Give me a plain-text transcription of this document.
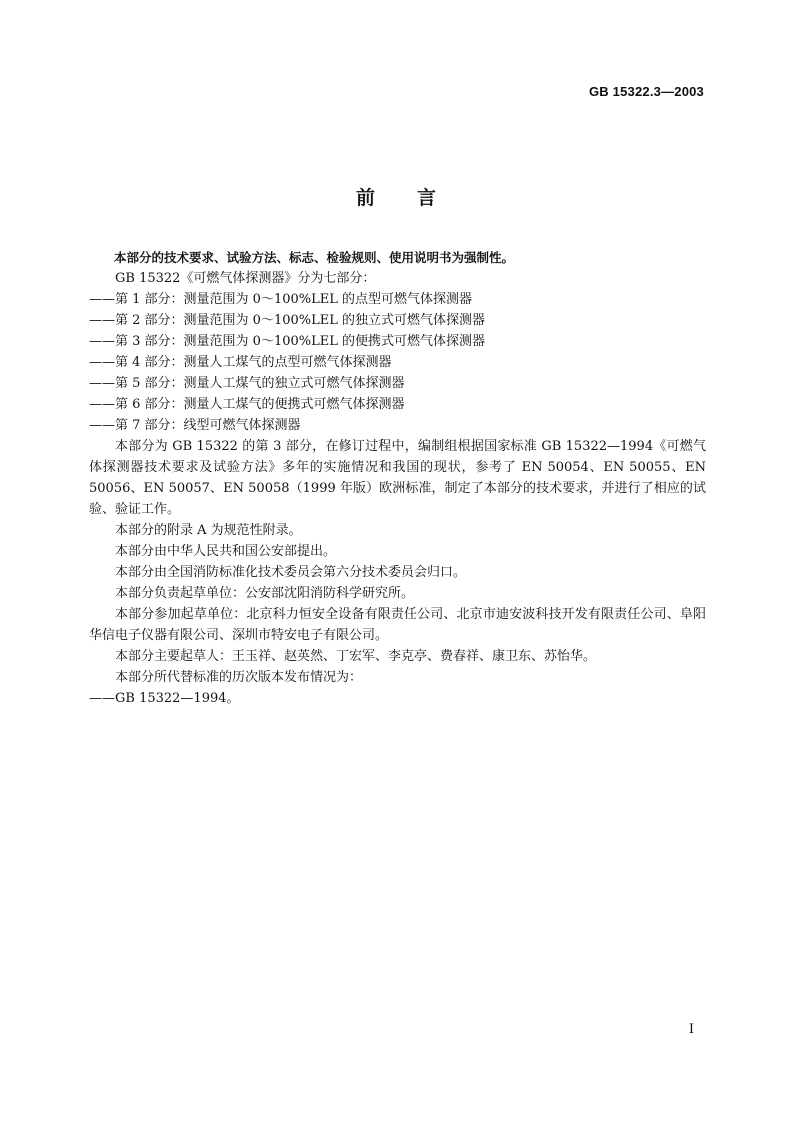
GB 15322.3—2003
前 言

本部分的技术要求、试验方法、标志、检验规则、使用说明书为强制性。

GB 15322《可燃气体探测器》分为七部分：

——第 1 部分：测量范围为 0～100%LEL 的点型可燃气体探测器

——第 2 部分：测量范围为 0～100%LEL 的独立式可燃气体探测器

——第 3 部分：测量范围为 0～100%LEL 的便携式可燃气体探测器

——第 4 部分：测量人工煤气的点型可燃气体探测器

——第 5 部分：测量人工煤气的独立式可燃气体探测器

——第 6 部分：测量人工煤气的便携式可燃气体探测器

——第 7 部分：线型可燃气体探测器

本部分为 GB 15322 的第 3 部分，在修订过程中，编制组根据国家标准 GB 15322—1994《可燃气体探测器技术要求及试验方法》多年的实施情况和我国的现状，参考了 EN 50054、EN 50055、EN 50056、EN 50057、EN 50058（1999 年版）欧洲标准，制定了本部分的技术要求，并进行了相应的试验、验证工作。

本部分的附录 A 为规范性附录。

本部分由中华人民共和国公安部提出。

本部分由全国消防标准化技术委员会第六分技术委员会归口。

本部分负责起草单位：公安部沈阳消防科学研究所。

本部分参加起草单位：北京科力恒安全设备有限责任公司、北京市迪安波科技开发有限责任公司、阜阳华信电子仪器有限公司、深圳市特安电子有限公司。

本部分主要起草人：王玉祥、赵英然、丁宏军、李克亭、费春祥、康卫东、苏怡华。

本部分所代替标准的历次版本发布情况为：

——GB 15322—1994。

I
